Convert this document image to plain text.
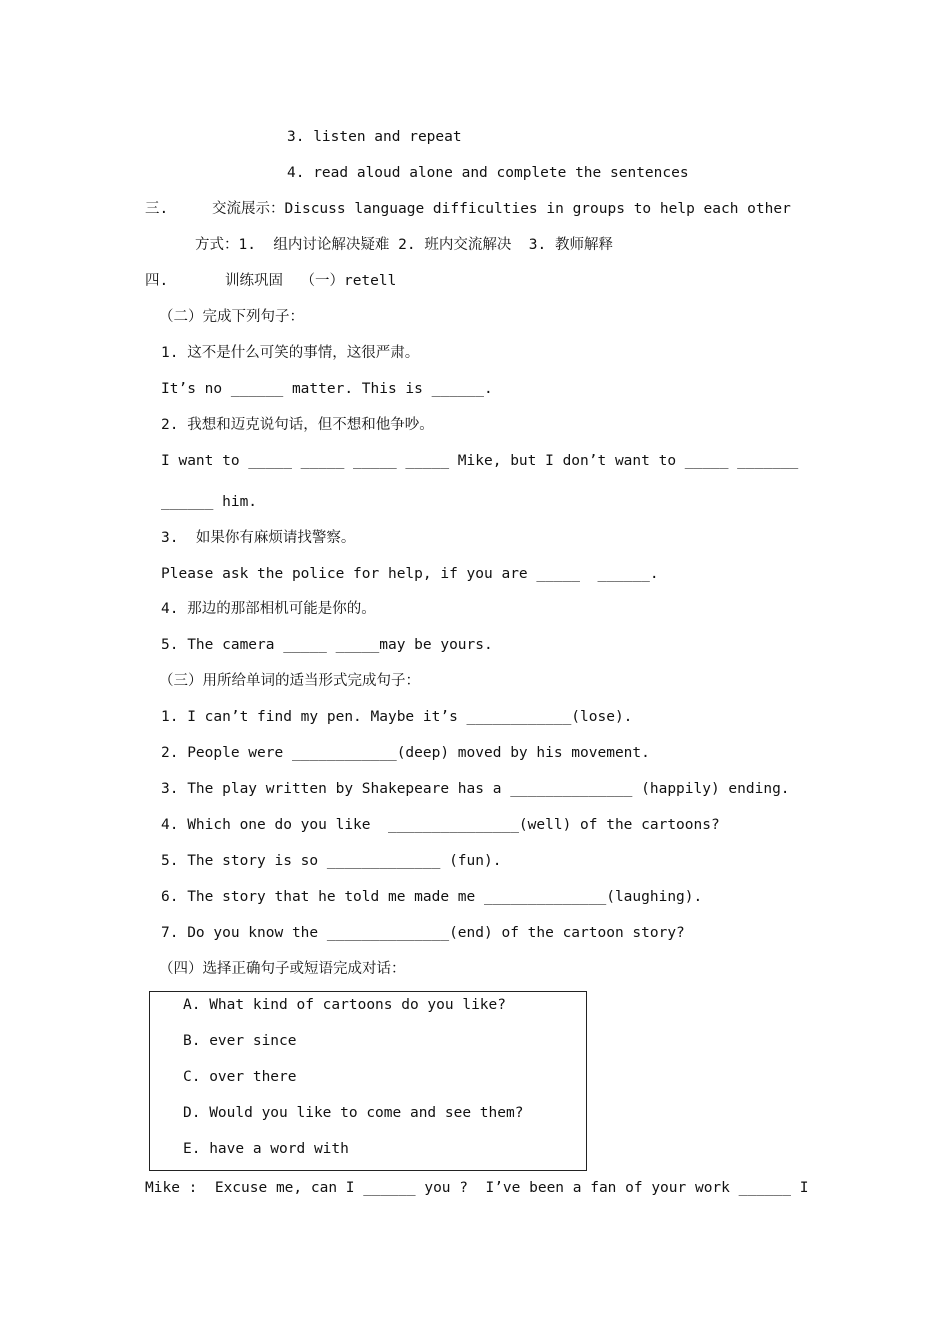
3. listen and repeat
4. read aloud alone and complete the sentences
三.	交流展示：Discuss language difficulties in groups to help each other
方式：1.  组内讨论解决疑难 2. 班内交流解决  3. 教师解释
四.	训练巩固  （一）retell
（二）完成下列句子：
1. 这不是什么可笑的事情，这很严肃。
It’s no ______ matter. This is ______.
2. 我想和迈克说句话，但不想和他争吵。
I want to _____ _____ _____ _____ Mike, but I don’t want to _____ _______
______ him.
3.  如果你有麻烦请找警察。
Please ask the police for help, if you are _____  ______.
4. 那边的那部相机可能是你的。
5. The camera _____ _____may be yours.
（三）用所给单词的适当形式完成句子：
1. I can’t find my pen. Maybe it’s ____________(lose).
2. People were ____________(deep) moved by his movement.
3. The play written by Shakepeare has a ______________ (happily) ending.
4. Which one do you like  _______________(well) of the cartoons?
5. The story is so _____________ (fun).
6. The story that he told me made me ______________(laughing).
7. Do you know the ______________(end) of the cartoon story?
（四）选择正确句子或短语完成对话：
A. What kind of cartoons do you like?
B. ever since
C. over there
D. Would you like to come and see them?
E. have a word with
Mike :  Excuse me, can I ______ you ?  I’ve been a fan of your work ______ I
